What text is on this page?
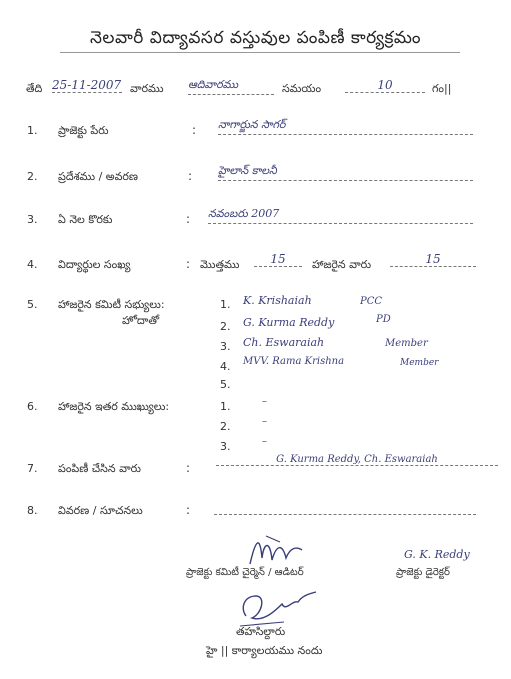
నెలవారీ విద్యావసర వస్తువుల పంపిణీ కార్యక్రమం
తేది 25-11-2007 వారము ఆదివారము	సమయం	10	గం||
1. ప్రాజెక్టు పేరు	: నాగార్జున సాగర్
2. ప్రదేశము / అవరణ	: హైలాన్ కాలనీ
3. ఏ నెల కొరకు	: నవంబరు 2007
4. విద్యార్థుల సంఖ్య	: మొత్తము	15	హాజరైన వారు	15
5. హాజరైన కమిటీ సభ్యులు:
హోదాతో
1. K. Krishaiah	PCC
2. G. Kurma Reddy	PD
3. Ch. Eswaraiah	Member
4. MVV. Rama Krishna	Member
5.
6. హాజరైన ఇతర ముఖ్యులు:	1.	–
2.	–
3.	–
7. పంపిణీ చేసిన వారు	:
G. Kurma Reddy, Ch. Eswaraiah
8. వివరణ / సూచనలు	:
ప్రాజెక్టు కమిటీ చైర్మెన్ / ఆడిటర్
G. K. Reddy
ప్రాజెక్టు డైరెక్టర్
తహసిల్దారు
హై || కార్యాలయము నందు
